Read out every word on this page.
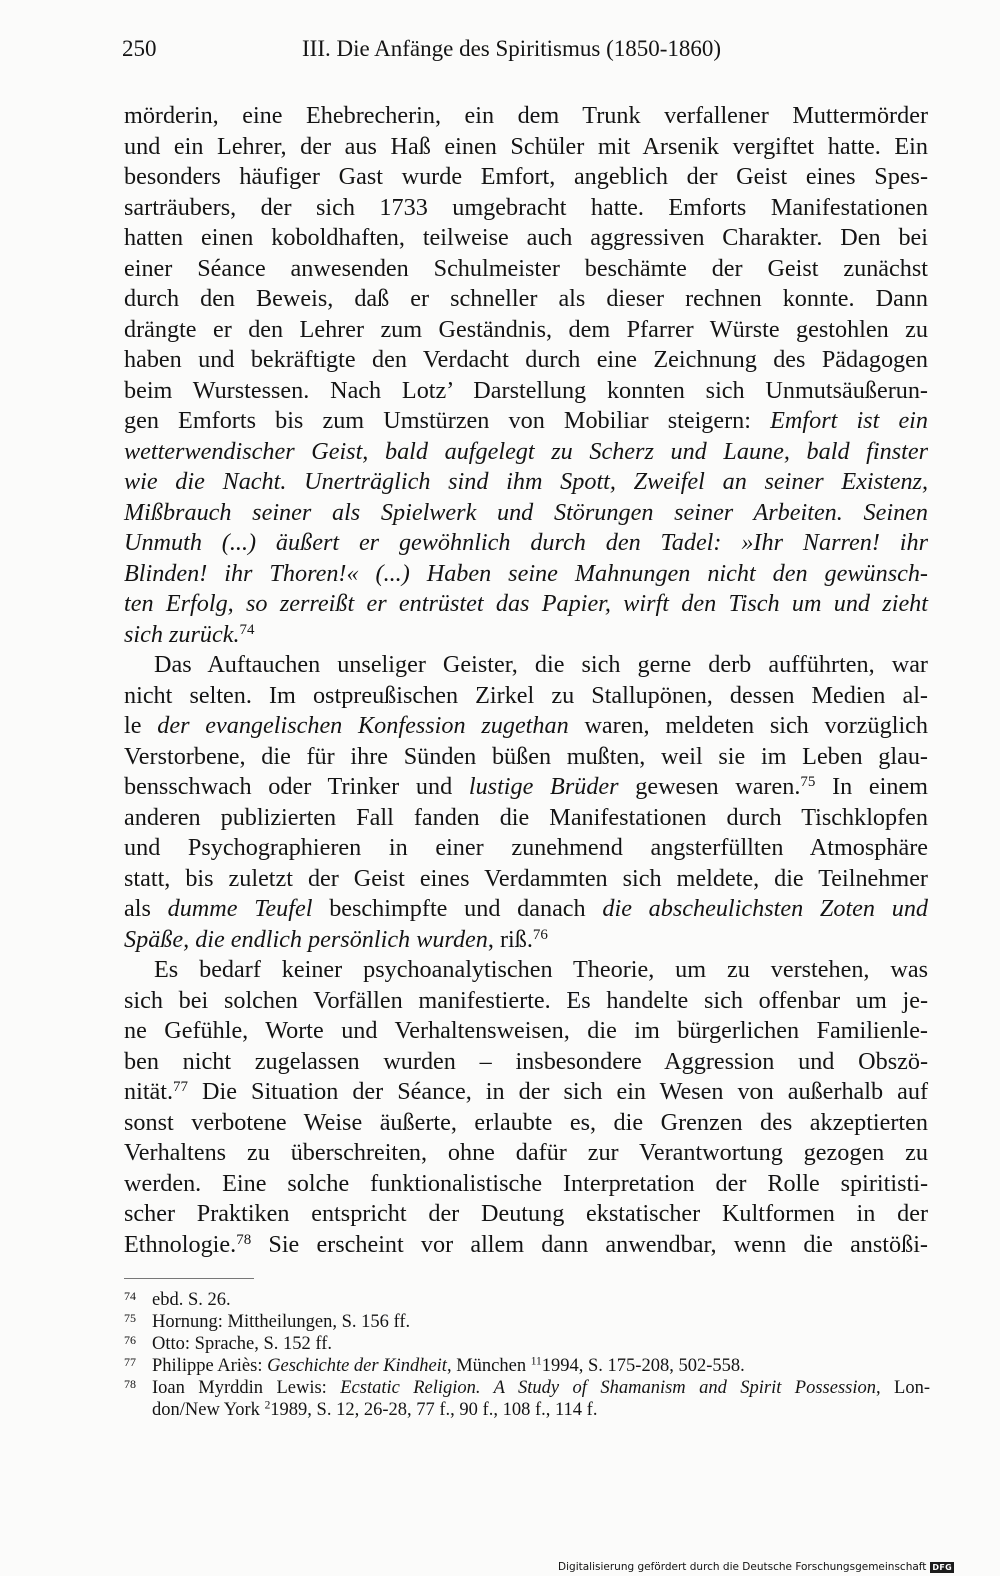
250	III. Die Anfänge des Spiritismus (1850-1860)
mörderin, eine Ehebrecherin, ein dem Trunk verfallener Muttermörder
und ein Lehrer, der aus Haß einen Schüler mit Arsenik vergiftet hatte. Ein
besonders häufiger Gast wurde Emfort, angeblich der Geist eines Spes-
sarträubers, der sich 1733 umgebracht hatte. Emforts Manifestationen
hatten einen koboldhaften, teilweise auch aggressiven Charakter. Den bei
einer Séance anwesenden Schulmeister beschämte der Geist zunächst
durch den Beweis, daß er schneller als dieser rechnen konnte. Dann
drängte er den Lehrer zum Geständnis, dem Pfarrer Würste gestohlen zu
haben und bekräftigte den Verdacht durch eine Zeichnung des Pädagogen
beim Wurstessen. Nach Lotz’ Darstellung konnten sich Unmutsäußerun-
gen Emforts bis zum Umstürzen von Mobiliar steigern: Emfort ist ein
wetterwendischer Geist, bald aufgelegt zu Scherz und Laune, bald finster
wie die Nacht. Unerträglich sind ihm Spott, Zweifel an seiner Existenz,
Mißbrauch seiner als Spielwerk und Störungen seiner Arbeiten. Seinen
Unmuth (...) äußert er gewöhnlich durch den Tadel: »Ihr Narren! ihr
Blinden! ihr Thoren!« (...) Haben seine Mahnungen nicht den gewünsch-
ten Erfolg, so zerreißt er entrüstet das Papier, wirft den Tisch um und zieht
sich zurück.$^{74}$
Das Auftauchen unseliger Geister, die sich gerne derb aufführten, war
nicht selten. Im ostpreußischen Zirkel zu Stallupönen, dessen Medien al-
le der evangelischen Konfession zugethan waren, meldeten sich vorzüglich
Verstorbene, die für ihre Sünden büßen mußten, weil sie im Leben glau-
bensschwach oder Trinker und lustige Brüder gewesen waren.$^{75}$ In einem
anderen publizierten Fall fanden die Manifestationen durch Tischklopfen
und Psychographieren in einer zunehmend angsterfüllten Atmosphäre
statt, bis zuletzt der Geist eines Verdammten sich meldete, die Teilnehmer
als dumme Teufel beschimpfte und danach die abscheulichsten Zoten und
Späße, die endlich persönlich wurden, riß.$^{76}$
Es bedarf keiner psychoanalytischen Theorie, um zu verstehen, was
sich bei solchen Vorfällen manifestierte. Es handelte sich offenbar um je-
ne Gefühle, Worte und Verhaltensweisen, die im bürgerlichen Familienle-
ben nicht zugelassen wurden – insbesondere Aggression und Obszö-
nität.$^{77}$ Die Situation der Séance, in der sich ein Wesen von außerhalb auf
sonst verbotene Weise äußerte, erlaubte es, die Grenzen des akzeptierten
Verhaltens zu überschreiten, ohne dafür zur Verantwortung gezogen zu
werden. Eine solche funktionalistische Interpretation der Rolle spiritisti-
scher Praktiken entspricht der Deutung ekstatischer Kultformen in der
Ethnologie.$^{78}$ Sie erscheint vor allem dann anwendbar, wenn die anstößi-
74 ebd. S. 26.
75 Hornung: Mittheilungen, S. 156 ff.
76 Otto: Sprache, S. 152 ff.
77 Philippe Ariès: Geschichte der Kindheit, München $^{11}$1994, S. 175-208, 502-558.
78 Ioan Myrddin Lewis: Ecstatic Religion. A Study of Shamanism and Spirit Possession, Lon-
don/New York $^2$1989, S. 12, 26-28, 77 f., 90 f., 108 f., 114 f.
Digitalisierung gefördert durch die Deutsche Forschungsgemeinschaft DFG
